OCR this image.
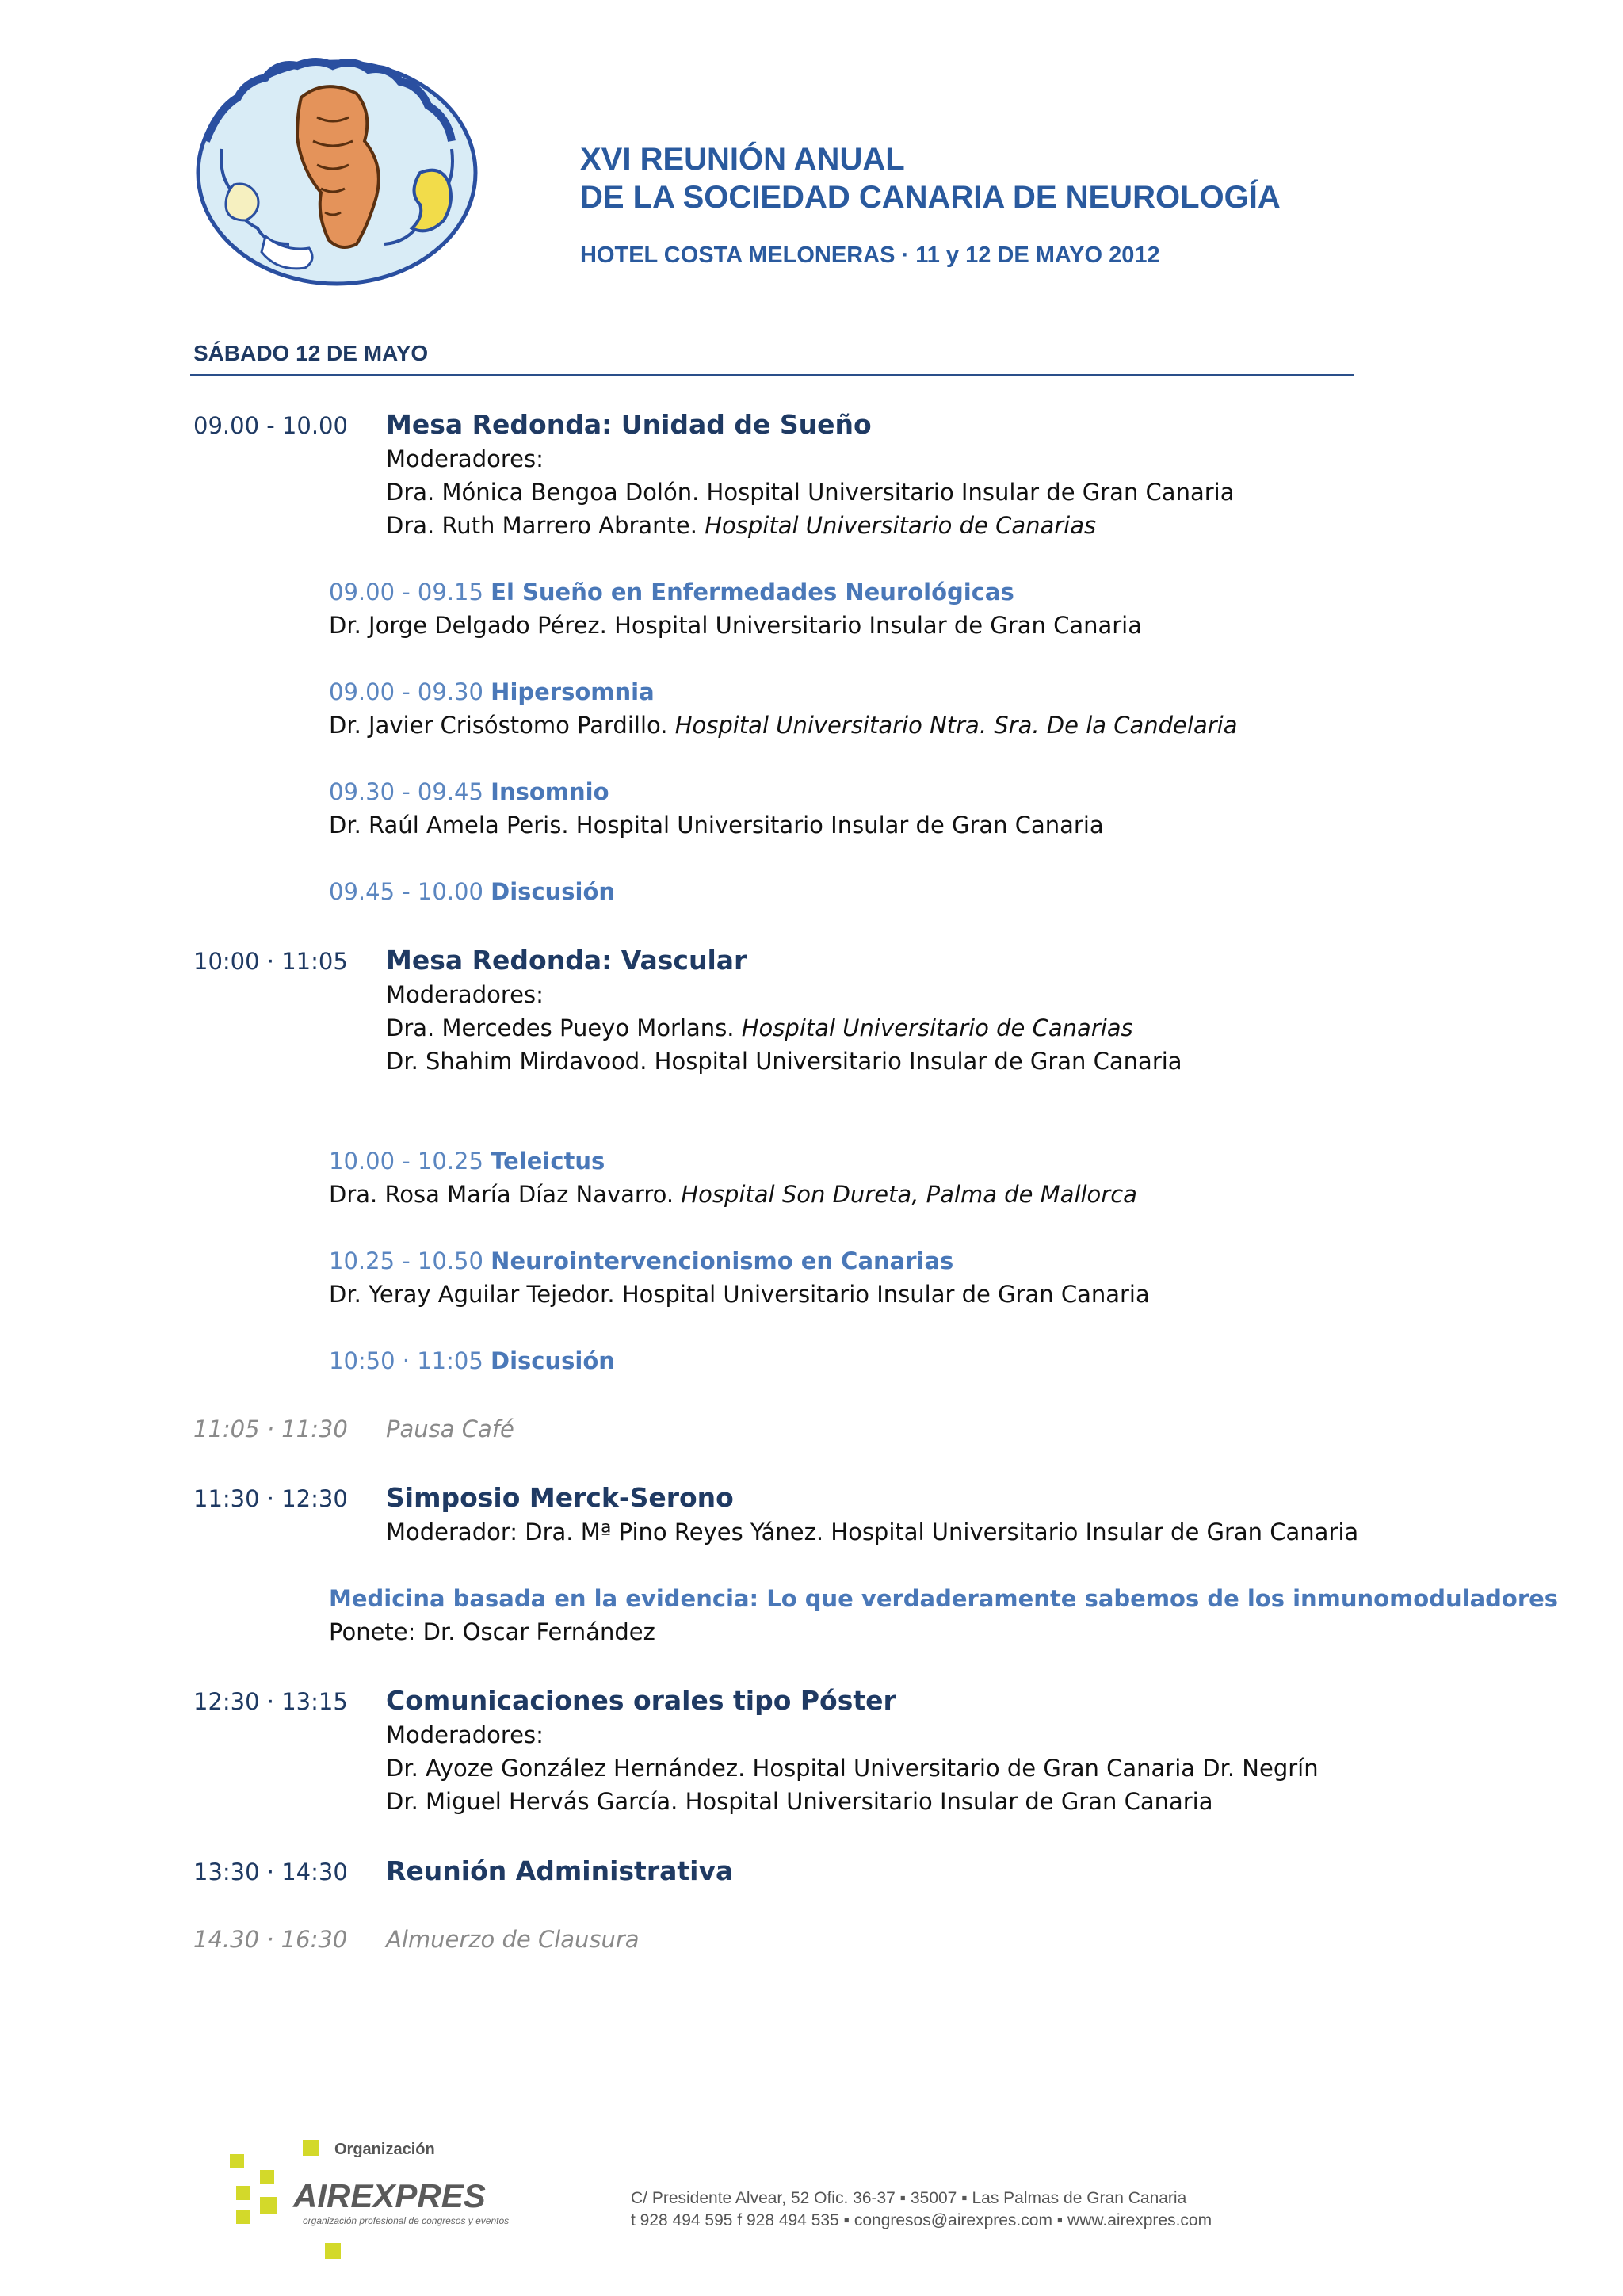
XVI REUNIÓN ANUAL
DE LA SOCIEDAD CANARIA DE NEUROLOGÍA
HOTEL COSTA MELONERAS · 11 y 12 DE MAYO 2012
SÁBADO 12 DE MAYO
09.00 - 10.00 Mesa Redonda: Unidad de Sueño
Moderadores:
Dra. Mónica Bengoa Dolón. Hospital Universitario Insular de Gran Canaria
Dra. Ruth Marrero Abrante. Hospital Universitario de Canarias
09.00 - 09.15 El Sueño en Enfermedades Neurológicas
Dr. Jorge Delgado Pérez. Hospital Universitario Insular de Gran Canaria
09.00 - 09.30 Hipersomnia
Dr. Javier Crisóstomo Pardillo. Hospital Universitario Ntra. Sra. De la Candelaria
09.30 - 09.45 Insomnio
Dr. Raúl Amela Peris. Hospital Universitario Insular de Gran Canaria
09.45 - 10.00 Discusión
10:00 · 11:05 Mesa Redonda: Vascular
Moderadores:
Dra. Mercedes Pueyo Morlans. Hospital Universitario de Canarias
Dr. Shahim Mirdavood. Hospital Universitario Insular de Gran Canaria
10.00 - 10.25 Teleictus
Dra. Rosa María Díaz Navarro. Hospital Son Dureta, Palma de Mallorca
10.25 - 10.50 Neurointervencionismo en Canarias
Dr. Yeray Aguilar Tejedor. Hospital Universitario Insular de Gran Canaria
10:50 · 11:05 Discusión
11:05 · 11:30 Pausa Café
11:30 · 12:30 Simposio Merck-Serono
Moderador: Dra. Mª Pino Reyes Yánez. Hospital Universitario Insular de Gran Canaria
Medicina basada en la evidencia: Lo que verdaderamente sabemos de los inmunomoduladores
Ponete: Dr. Oscar Fernández
12:30 · 13:15 Comunicaciones orales tipo Póster
Moderadores:
Dr. Ayoze González Hernández. Hospital Universitario de Gran Canaria Dr. Negrín
Dr. Miguel Hervás García. Hospital Universitario Insular de Gran Canaria
13:30 · 14:30 Reunión Administrativa
14.30 · 16:30 Almuerzo de Clausura
Organización
AIREXPRES
organización profesional de congresos y eventos
C/ Presidente Alvear, 52 Ofic. 36-37 ▪ 35007 ▪ Las Palmas de Gran Canaria
t 928 494 595 f 928 494 535 ▪ congresos@airexpres.com ▪ www.airexpres.com
